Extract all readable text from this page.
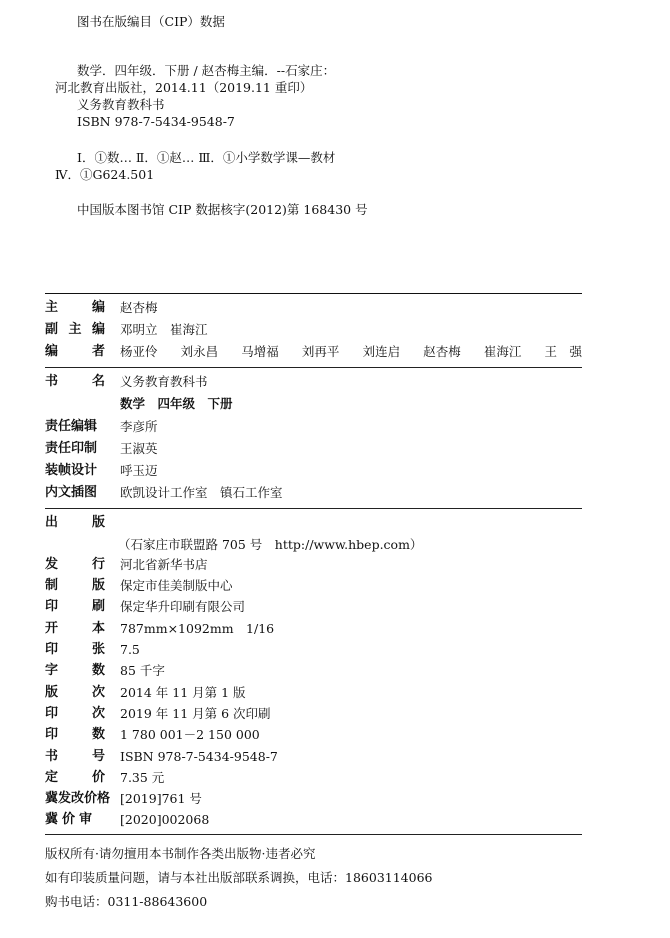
图书在版编目（CIP）数据
数学．四年级．下册 / 赵杏梅主编．--石家庄：
河北教育出版社，2014.11（2019.11 重印）
义务教育教科书
ISBN 978-7-5434-9548-7
Ⅰ．①数… Ⅱ．①赵… Ⅲ．①小学数学课—教材
Ⅳ．①G624.501
中国版本图书馆 CIP 数据核字(2012)第 168430 号
主	编 赵杏梅
副 主 编 邓明立　崔海江
编	者 杨亚伶 刘永昌 马增福 刘再平 刘连启 赵杏梅 崔海江 王　强
书	名 义务教育教科书
数学　四年级　下册
责任编辑 李彦所
责任印制 王淑英
装帧设计 呼玉迈
内文插图 欧凯设计工作室　镇石工作室
出	版
（石家庄市联盟路 705 号　http://www.hbep.com）
发	行 河北省新华书店
制	版 保定市佳美制版中心
印	刷 保定华升印刷有限公司
开	本 787mm×1092mm　1/16
印	张 7.5
字	数 85 千字
版	次 2014 年 11 月第 1 版
印	次 2019 年 11 月第 6 次印刷
印	数 1 780 001－2 150 000
书	号 ISBN 978-7-5434-9548-7
定	价 7.35 元
冀发改价格 [2019]761 号
冀价审 [2020]002068
版权所有·请勿擅用本书制作各类出版物·违者必究
如有印装质量问题，请与本社出版部联系调换，电话：18603114066
购书电话：0311-88643600
